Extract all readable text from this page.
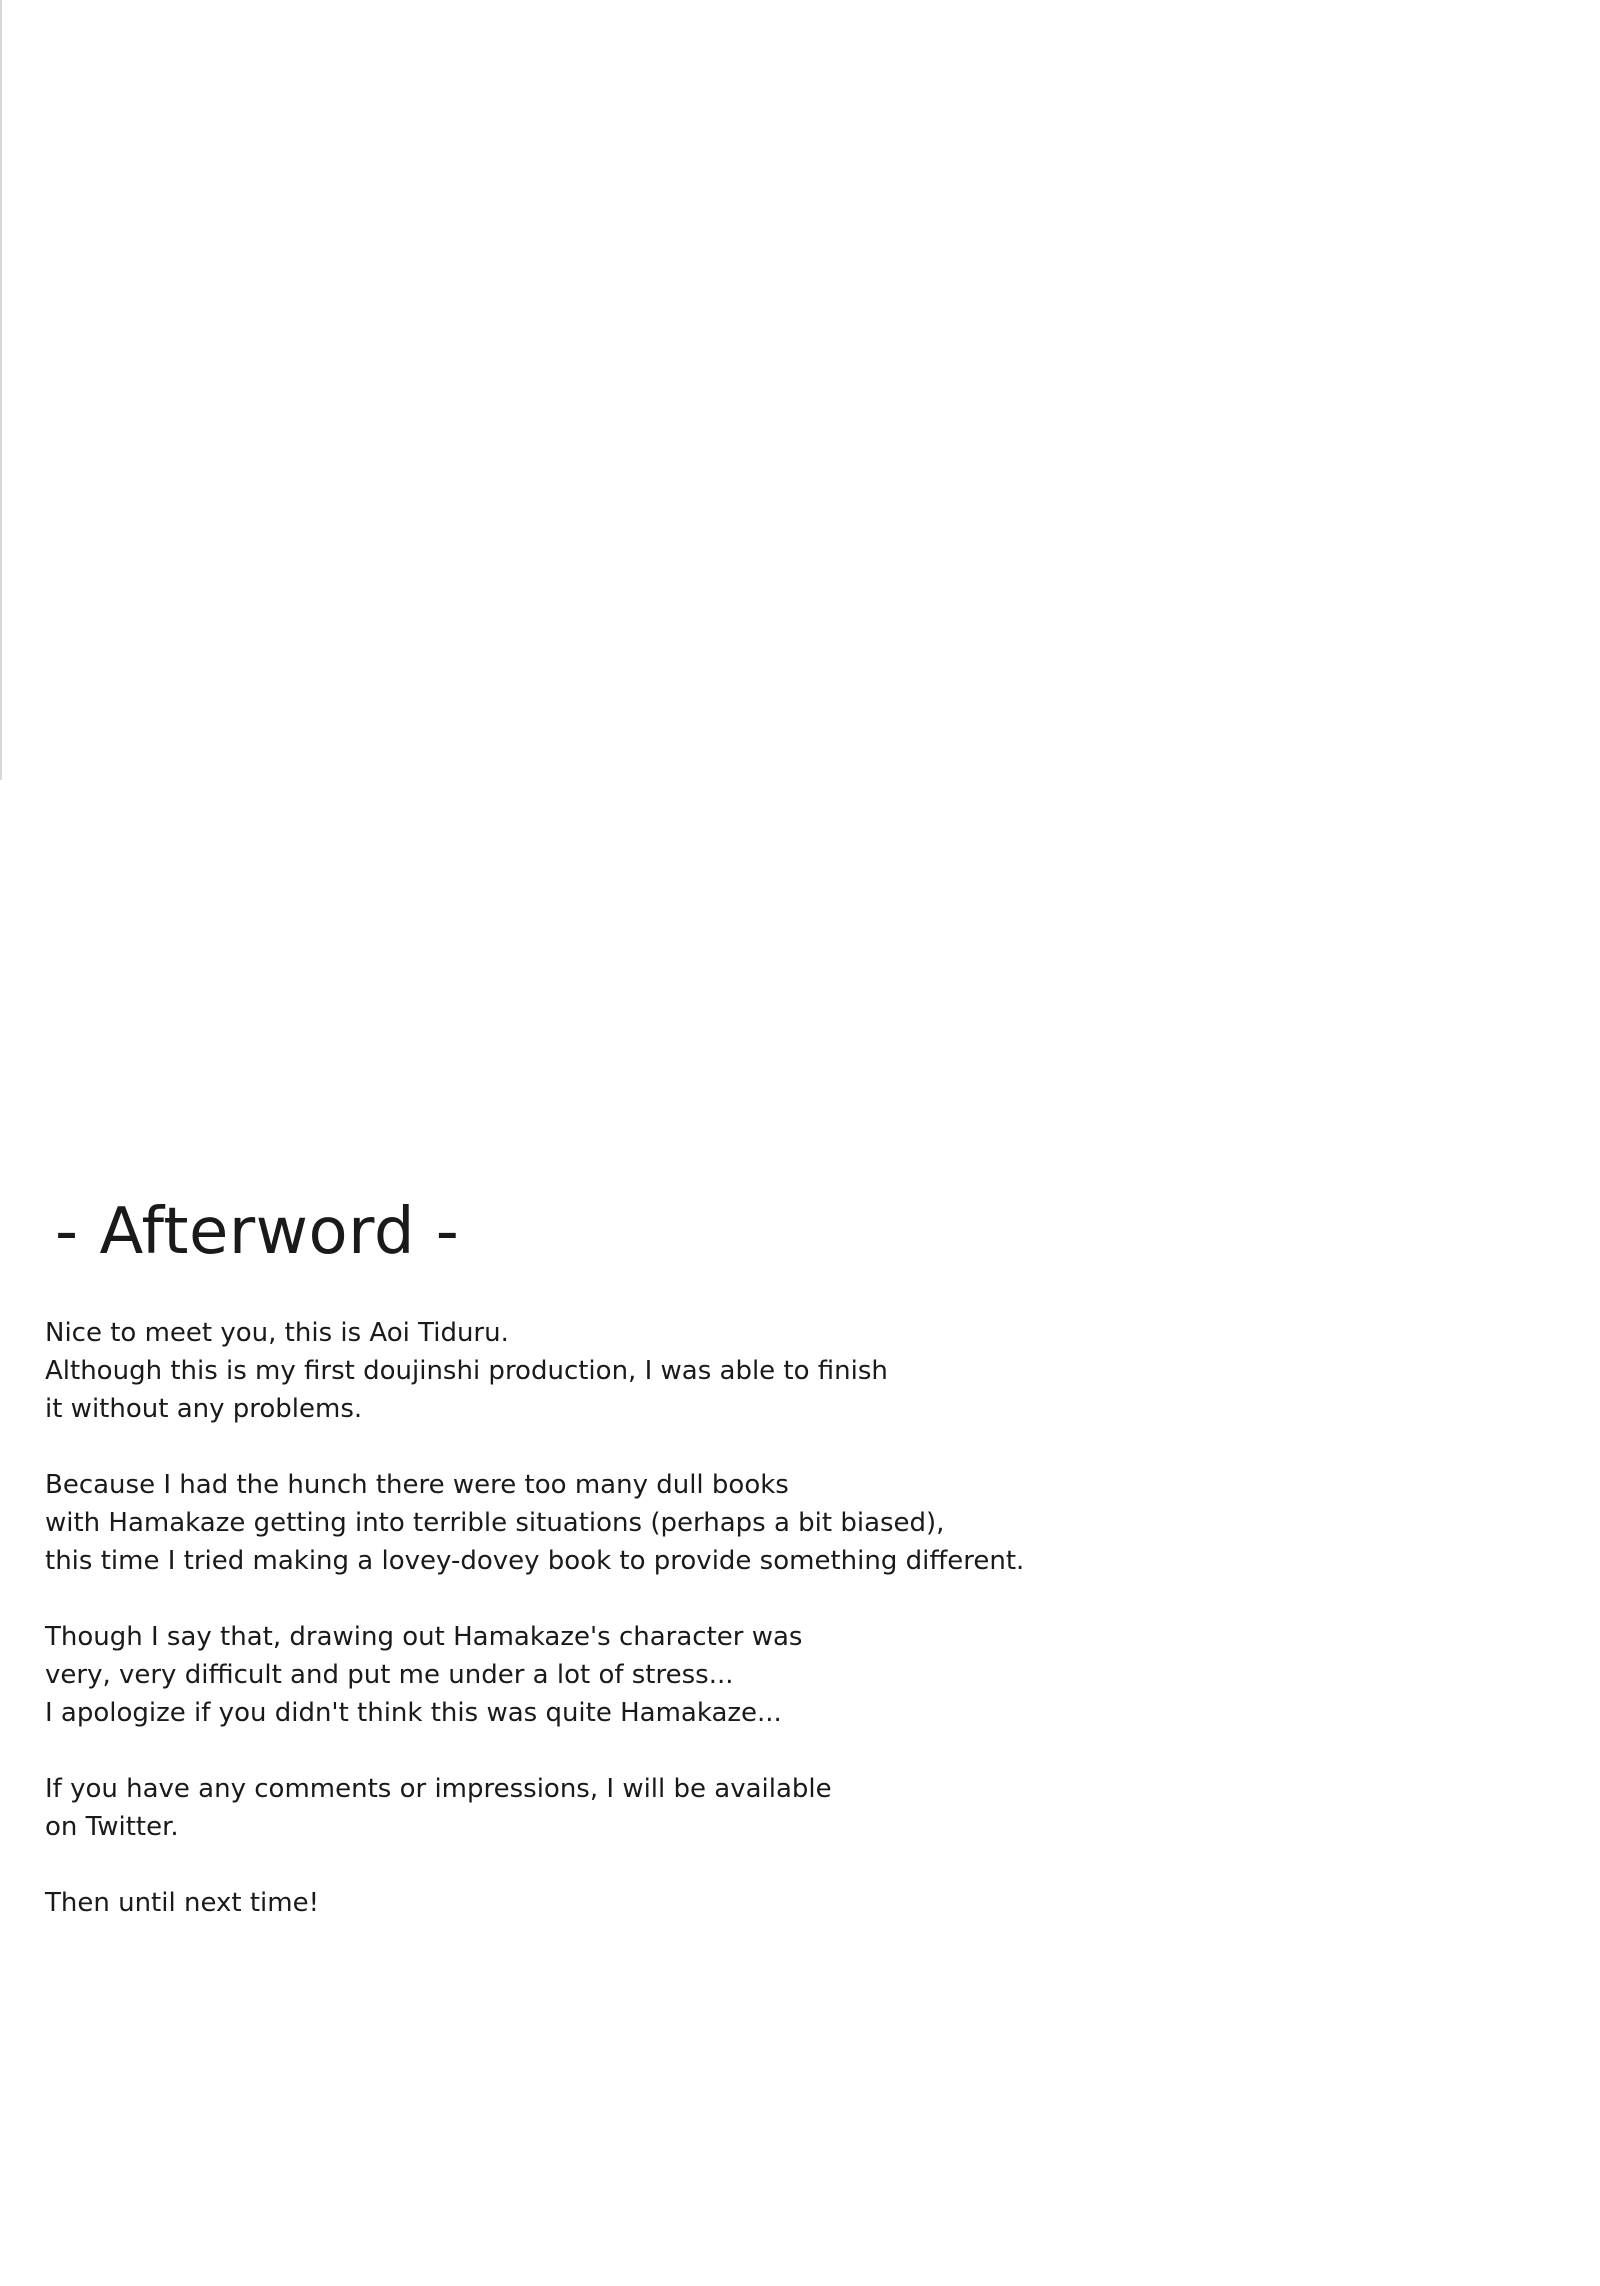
- Afterword -
Nice to meet you, this is Aoi Tiduru.
Although this is my first doujinshi production, I was able to finish
it without any problems.
Because I had the hunch there were too many dull books
with Hamakaze getting into terrible situations (perhaps a bit biased),
this time I tried making a lovey-dovey book to provide something different.
Though I say that, drawing out Hamakaze's character was
very, very difficult and put me under a lot of stress...
I apologize if you didn't think this was quite Hamakaze...
If you have any comments or impressions, I will be available
on Twitter.
Then until next time!
